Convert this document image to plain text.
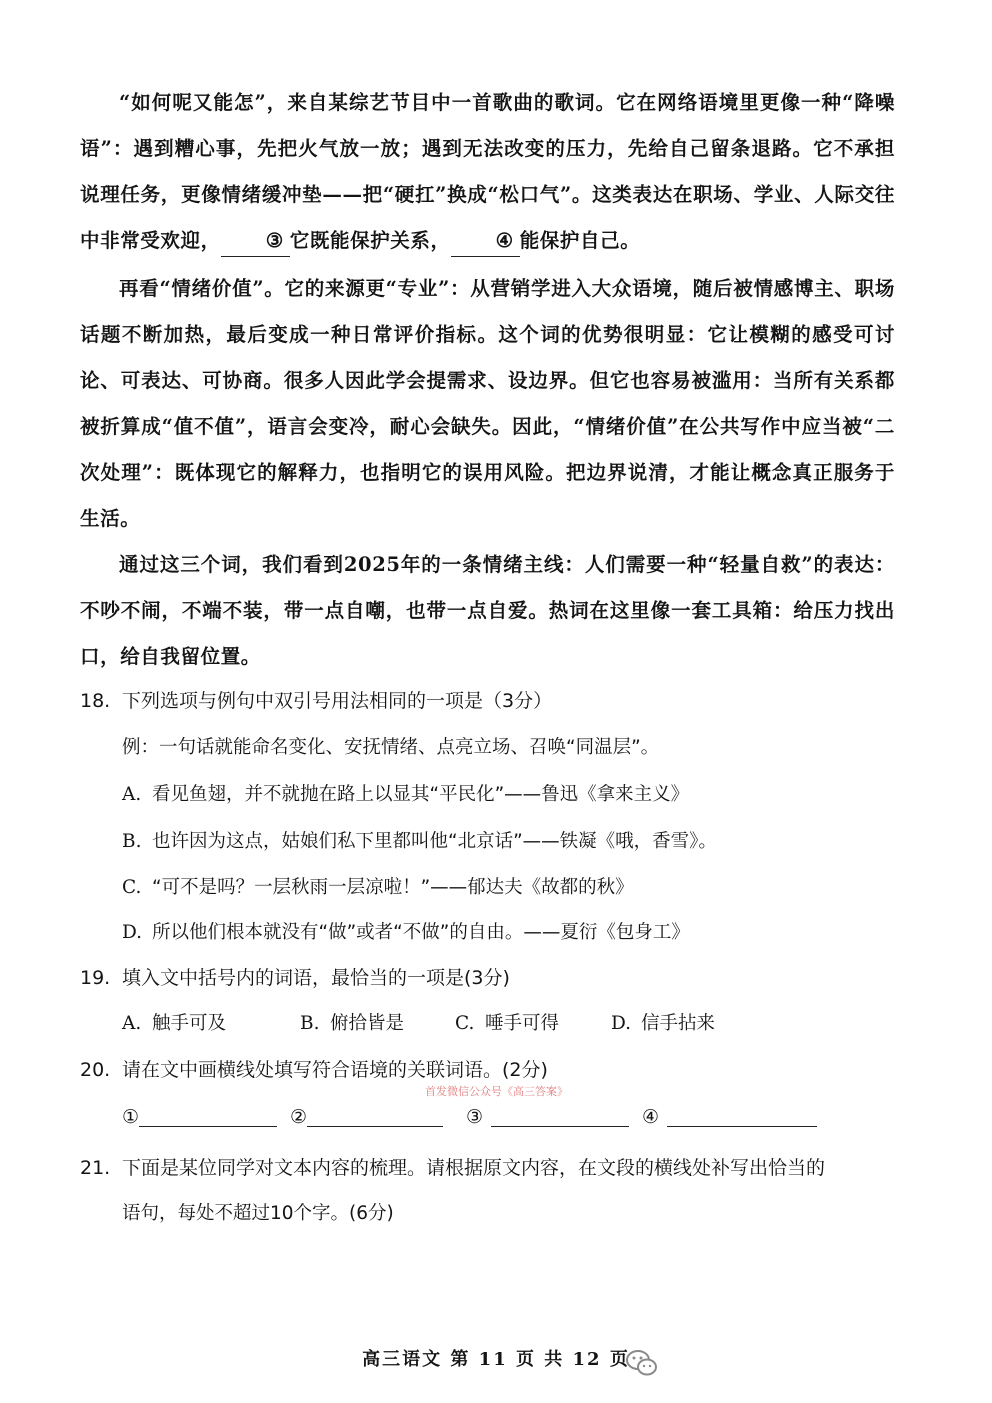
“如何呢又能怎”，来自某综艺节目中一首歌曲的歌词。它在网络语境里更像一种“降噪语”：遇到糟心事，先把火气放一放；遇到无法改变的压力，先给自己留条退路。它不承担说理任务，更像情绪缓冲垫——把“硬扛”换成“松口气”。这类表达在职场、学业、人际交往中非常受欢迎， ③ 它既能保护关系， ④ 能保护自己。

再看“情绪价值”。它的来源更“专业”：从营销学进入大众语境，随后被情感博主、职场话题不断加热，最后变成一种日常评价指标。这个词的优势很明显：它让模糊的感受可讨论、可表达、可协商。很多人因此学会提需求、设边界。但它也容易被滥用：当所有关系都被折算成“值不值”，语言会变冷，耐心会缺失。因此，“情绪价值”在公共写作中应当被“二次处理”：既体现它的解释力，也指明它的误用风险。把边界说清，才能让概念真正服务于生活。

通过这三个词，我们看到2025年的一条情绪主线：人们需要一种“轻量自救”的表达：不吵不闹，不端不装，带一点自嘲，也带一点自爱。热词在这里像一套工具箱：给压力找出口，给自我留位置。

18. 下列选项与例句中双引号用法相同的一项是（3分）

例：一句话就能命名变化、安抚情绪、点亮立场、召唤“同温层”。

A. 看见鱼翅，并不就抛在路上以显其“平民化”——鲁迅《拿来主义》

B. 也许因为这点，姑娘们私下里都叫他“北京话”——铁凝《哦，香雪》。

C. “可不是吗？一层秋雨一层凉啦！”——郁达夫《故都的秋》

D. 所以他们根本就没有“做”或者“不做”的自由。——夏衍《包身工》

19. 填入文中括号内的词语，最恰当的一项是(3分)

A. 触手可及	B. 俯拾皆是	C. 唾手可得	D. 信手拈来

20. 请在文中画横线处填写符合语境的关联词语。(2分)

首发微信公众号《高三答案》
①	②	③	④

21. 下面是某位同学对文本内容的梳理。请根据原文内容，在文段的横线处补写出恰当的

语句，每处不超过10个字。(6分)

高三语文 第 11 页 共 12 页
